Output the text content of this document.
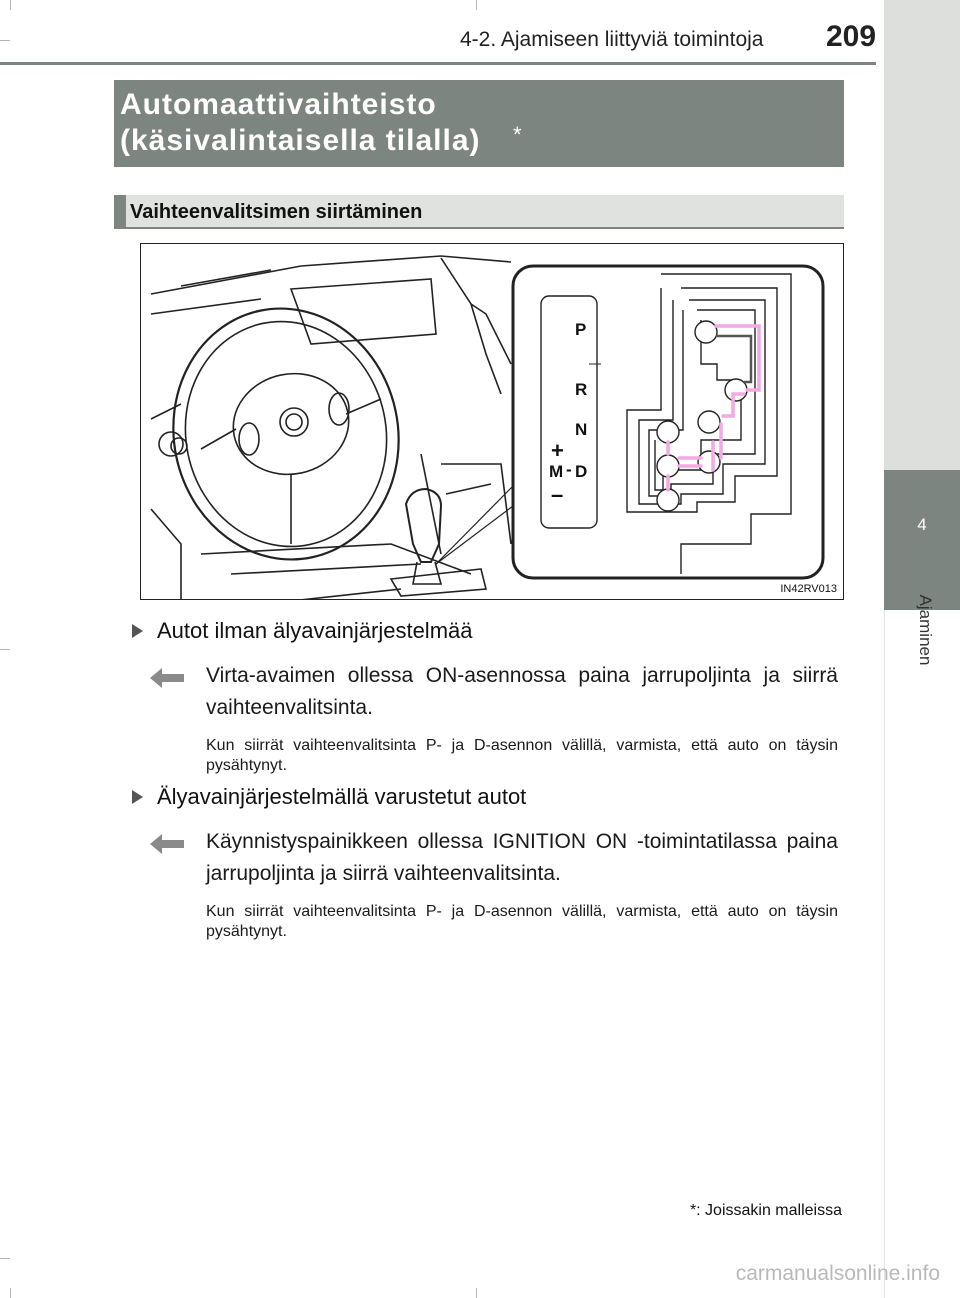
4-2. Ajamiseen liittyviä toimintoja 209
4
Ajaminen
Automaattivaihteisto
(käsivalintaisella tilalla) *
Vaihteenvalitsimen siirtäminen
P
R
N
+
M - D
–
IN42RV013
Autot ilman älyavainjärjestelmää
Virta-avaimen ollessa ON-asennossa paina jarrupoljinta ja siirrä vaihteenvalitsinta.
Kun siirrät vaihteenvalitsinta P- ja D-asennon välillä, varmista, että auto on täysin pysähtynyt.
Älyavainjärjestelmällä varustetut autot
Käynnistyspainikkeen ollessa IGNITION ON -toimintatilassa paina jarrupoljinta ja siirrä vaihteenvalitsinta.
Kun siirrät vaihteenvalitsinta P- ja D-asennon välillä, varmista, että auto on täysin pysähtynyt.
*: Joissakin malleissa
carmanualsonline.info
